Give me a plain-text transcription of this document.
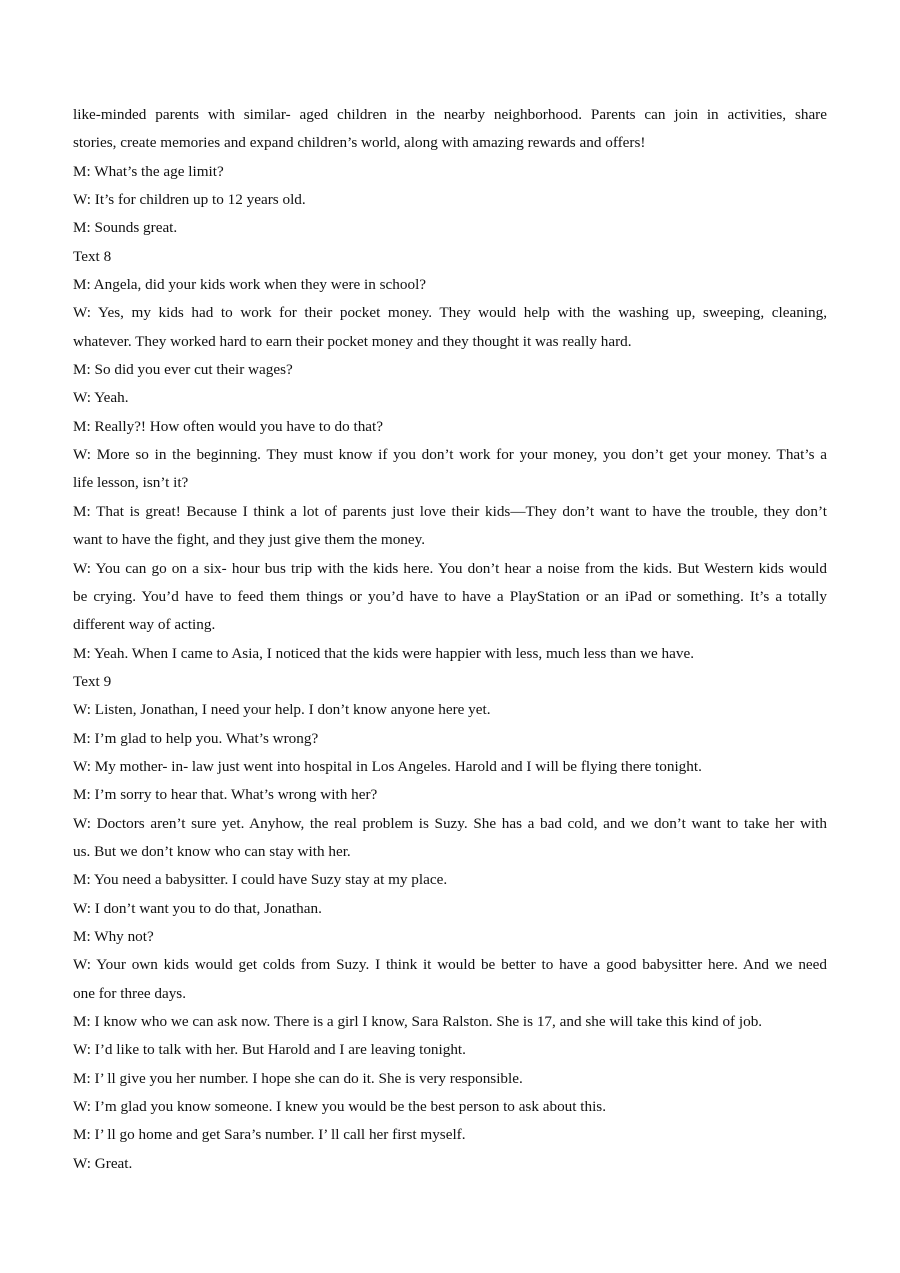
like-minded parents with similar- aged children in the nearby neighborhood. Parents can join in activities, share
stories, create memories and expand children’s world, along with amazing rewards and offers!
M: What’s the age limit?
W: It’s for children up to 12 years old.
M: Sounds great.
Text 8
M: Angela, did your kids work when they were in school?
W: Yes, my kids had to work for their pocket money. They would help with the washing up, sweeping, cleaning,
whatever. They worked hard to earn their pocket money and they thought it was really hard.
M: So did you ever cut their wages?
W: Yeah.
M: Really?! How often would you have to do that?
W: More so in the beginning. They must know if you don’t work for your money, you don’t get your money. That’s a
life lesson, isn’t it?
M: That is great! Because I think a lot of parents just love their kids—They don’t want to have the trouble, they don’t
want to have the fight, and they just give them the money.
W: You can go on a six- hour bus trip with the kids here. You don’t hear a noise from the kids. But Western kids would
be crying. You’d have to feed them things or you’d have to have a PlayStation or an iPad or something. It’s a totally
different way of acting.
M: Yeah. When I came to Asia, I noticed that the kids were happier with less, much less than we have.
Text 9
W: Listen, Jonathan, I need your help. I don’t know anyone here yet.
M: I’m glad to help you. What’s wrong?
W: My mother- in- law just went into hospital in Los Angeles. Harold and I will be flying there tonight.
M: I’m sorry to hear that. What’s wrong with her?
W: Doctors aren’t sure yet. Anyhow, the real problem is Suzy. She has a bad cold, and we don’t want to take her with
us. But we don’t know who can stay with her.
M: You need a babysitter. I could have Suzy stay at my place.
W: I don’t want you to do that, Jonathan.
M: Why not?
W: Your own kids would get colds from Suzy. I think it would be better to have a good babysitter here. And we need
one for three days.
M: I know who we can ask now. There is a girl I know, Sara Ralston. She is 17, and she will take this kind of job.
W: I’d like to talk with her. But Harold and I are leaving tonight.
M: I’ ll give you her number. I hope she can do it. She is very responsible.
W: I’m glad you know someone. I knew you would be the best person to ask about this.
M: I’ ll go home and get Sara’s number. I’ ll call her first myself.
W: Great.
